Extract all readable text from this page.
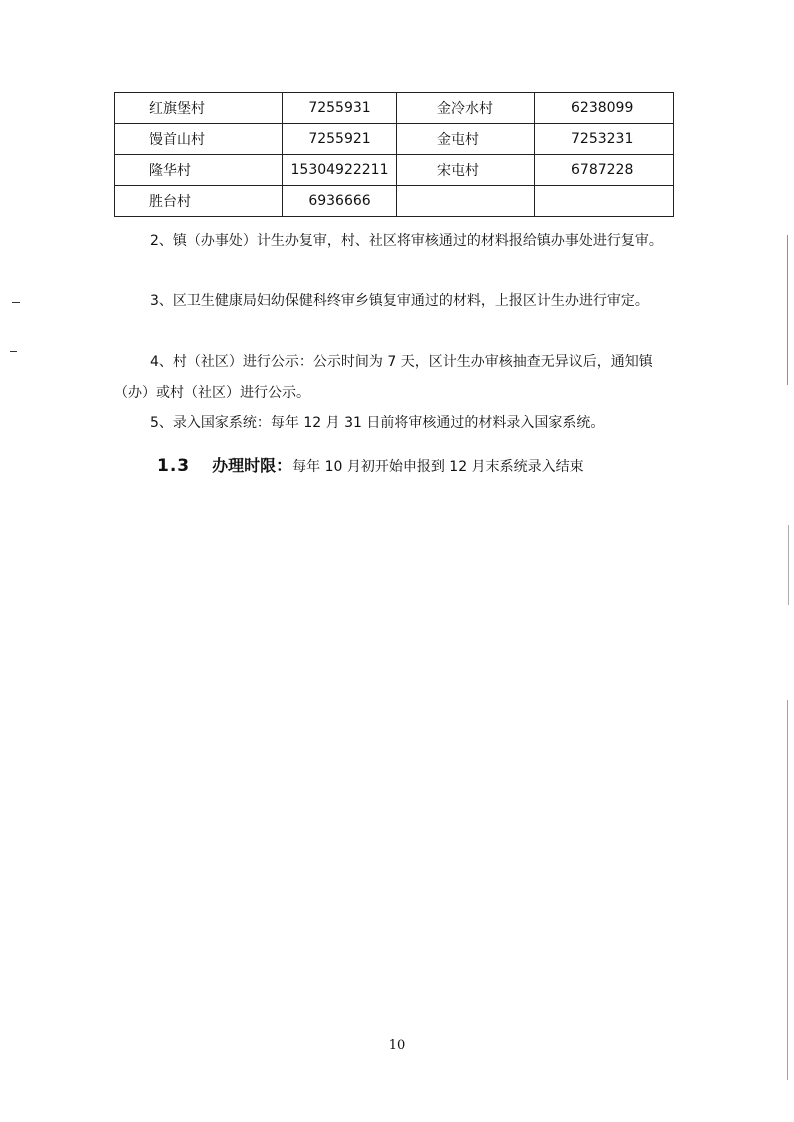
红旗堡村	7255931	金冷水村	6238099
馒首山村	7255921	金屯村	7253231
隆华村	15304922211	宋屯村	6787228
胜台村	6936666		

2、镇（办事处）计生办复审，村、社区将审核通过的材料报给镇办事处进行复审。

3、区卫生健康局妇幼保健科终审乡镇复审通过的材料，上报区计生办进行审定。

4、村（社区）进行公示：公示时间为 7 天，区计生办审核抽查无异议后，通知镇（办）或村（社区）进行公示。

5、录入国家系统：每年 12 月 31 日前将审核通过的材料录入国家系统。

1.3 办理时限：每年 10 月初开始申报到 12 月末系统录入结束

10
